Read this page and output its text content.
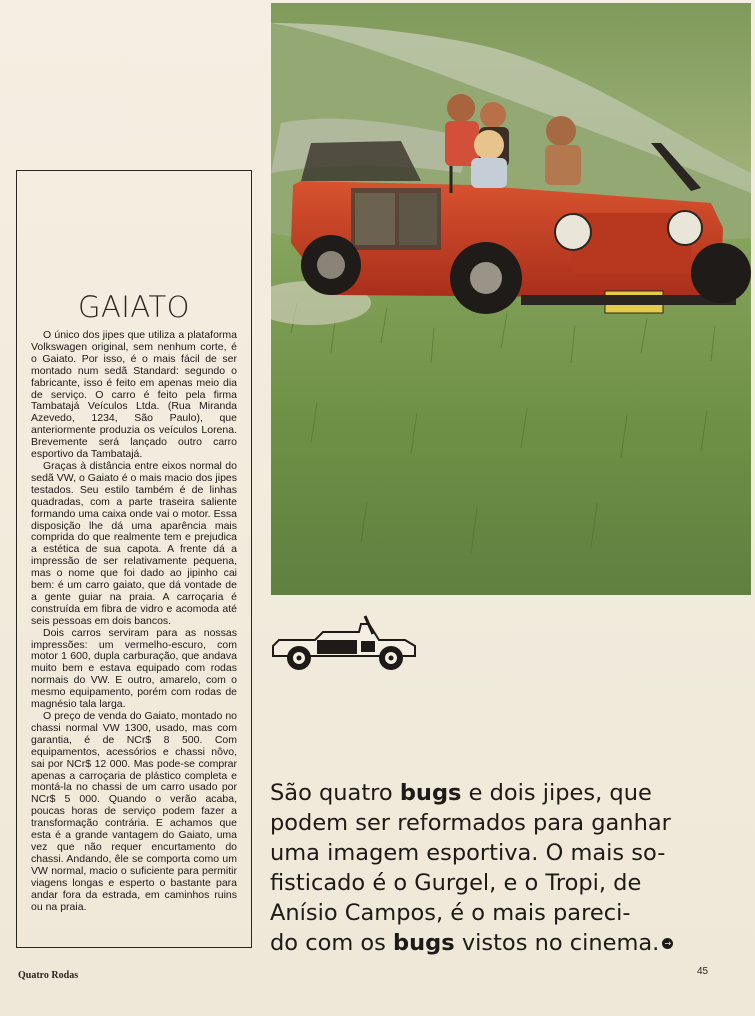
GAIATO

O único dos jipes que utiliza a plataforma Volkswagen original, sem nenhum corte, é o Gaiato. Por isso, é o mais fácil de ser montado num sedã Standard: segundo o fabricante, isso é feito em apenas meio dia de serviço. O carro é feito pela firma Tambatajá Veículos Ltda. (Rua Miranda Azevedo, 1234, São Paulo), que anteriormente produzia os veículos Lorena. Brevemente será lançado outro carro esportivo da Tambatajá.

Graças à distância entre eixos normal do sedã VW, o Gaiato é o mais macio dos jipes testados. Seu estilo também é de linhas quadradas, com a parte traseira saliente formando uma caixa onde vai o motor. Essa disposição lhe dá uma aparência mais comprida do que realmente tem e prejudica a estética de sua capota. A frente dá a impressão de ser relativamente pequena, mas o nome que foi dado ao jipinho cai bem: é um carro gaiato, que dá vontade de a gente guiar na praia. A carroçaria é construída em fibra de vidro e acomoda até seis pessoas em dois bancos.

Dois carros serviram para as nossas impressões: um vermelho-escuro, com motor 1 600, dupla carburação, que andava muito bem e estava equipado com rodas normais do VW. E outro, amarelo, com o mesmo equipamento, porém com rodas de magnésio tala larga.

O preço de venda do Gaiato, montado no chassi normal VW 1300, usado, mas com garantia, é de NCr$ 8 500. Com equipamentos, acessórios e chassi nôvo, sai por NCr$ 12 000. Mas pode-se comprar apenas a carroçaria de plástico completa e montá-la no chassi de um carro usado por NCr$ 5 000. Quando o verão acaba, poucas horas de serviço podem fazer a transformação contrária. E achamos que esta é a grande vantagem do Gaiato, uma vez que não requer encurtamento do chassi. Andando, êle se comporta como um VW normal, macio o suficiente para permitir viagens longas e esperto o bastante para andar fora da estrada, em caminhos ruins ou na praia.

São quatro bugs e dois jipes, que
podem ser reformados para ganhar
uma imagem esportiva. O mais so-
fisticado é o Gurgel, e o Tropi, de
Anísio Campos, é o mais pareci-
do com os bugs vistos no cinema. →
Quatro Rodas	45
